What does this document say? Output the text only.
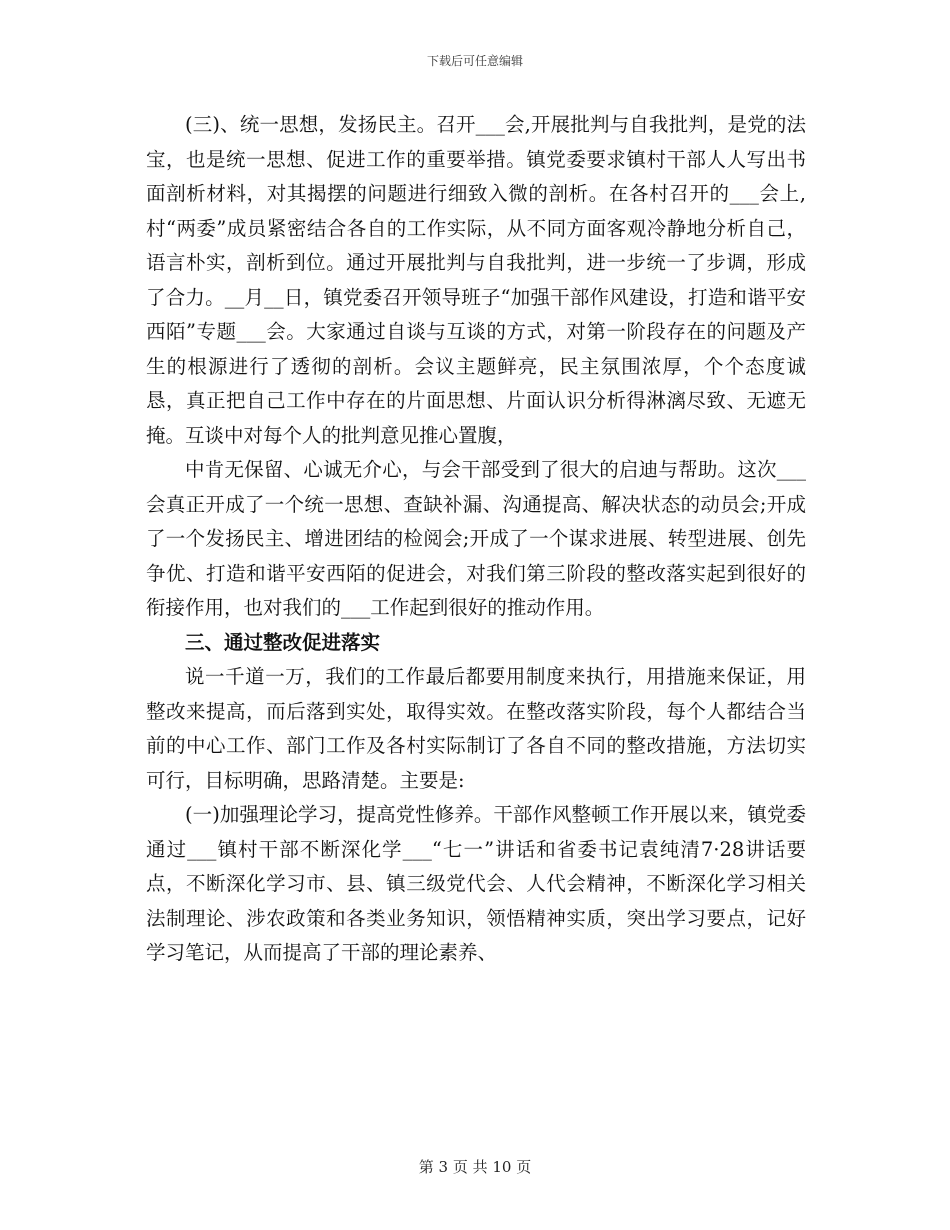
下载后可任意编辑

(三)、统一思想，发扬民主。召开___会,开展批判与自我批判，是党的法宝，也是统一思想、促进工作的重要举措。镇党委要求镇村干部人人写出书面剖析材料，对其揭摆的问题进行细致入微的剖析。在各村召开的___会上,村“两委”成员紧密结合各自的工作实际，从不同方面客观冷静地分析自己，语言朴实，剖析到位。通过开展批判与自我批判，进一步统一了步调，形成了合力。__月__日，镇党委召开领导班子“加强干部作风建设，打造和谐平安西陌”专题___会。大家通过自谈与互谈的方式，对第一阶段存在的问题及产生的根源进行了透彻的剖析。会议主题鲜亮，民主氛围浓厚，个个态度诚恳，真正把自己工作中存在的片面思想、片面认识分析得淋漓尽致、无遮无掩。互谈中对每个人的批判意见推心置腹，

中肯无保留、心诚无介心，与会干部受到了很大的启迪与帮助。这次___会真正开成了一个统一思想、查缺补漏、沟通提高、解决状态的动员会;开成了一个发扬民主、增进团结的检阅会;开成了一个谋求进展、转型进展、创先争优、打造和谐平安西陌的促进会，对我们第三阶段的整改落实起到很好的衔接作用，也对我们的___工作起到很好的推动作用。

三、通过整改促进落实

说一千道一万，我们的工作最后都要用制度来执行，用措施来保证，用整改来提高，而后落到实处，取得实效。在整改落实阶段，每个人都结合当前的中心工作、部门工作及各村实际制订了各自不同的整改措施，方法切实可行，目标明确，思路清楚。主要是:

(一)加强理论学习，提高党性修养。干部作风整顿工作开展以来，镇党委通过___镇村干部不断深化学___“七一”讲话和省委书记袁纯清7·28讲话要点，不断深化学习市、县、镇三级党代会、人代会精神，不断深化学习相关法制理论、涉农政策和各类业务知识，领悟精神实质，突出学习要点，记好学习笔记，从而提高了干部的理论素养、

第 3 页 共 10 页
